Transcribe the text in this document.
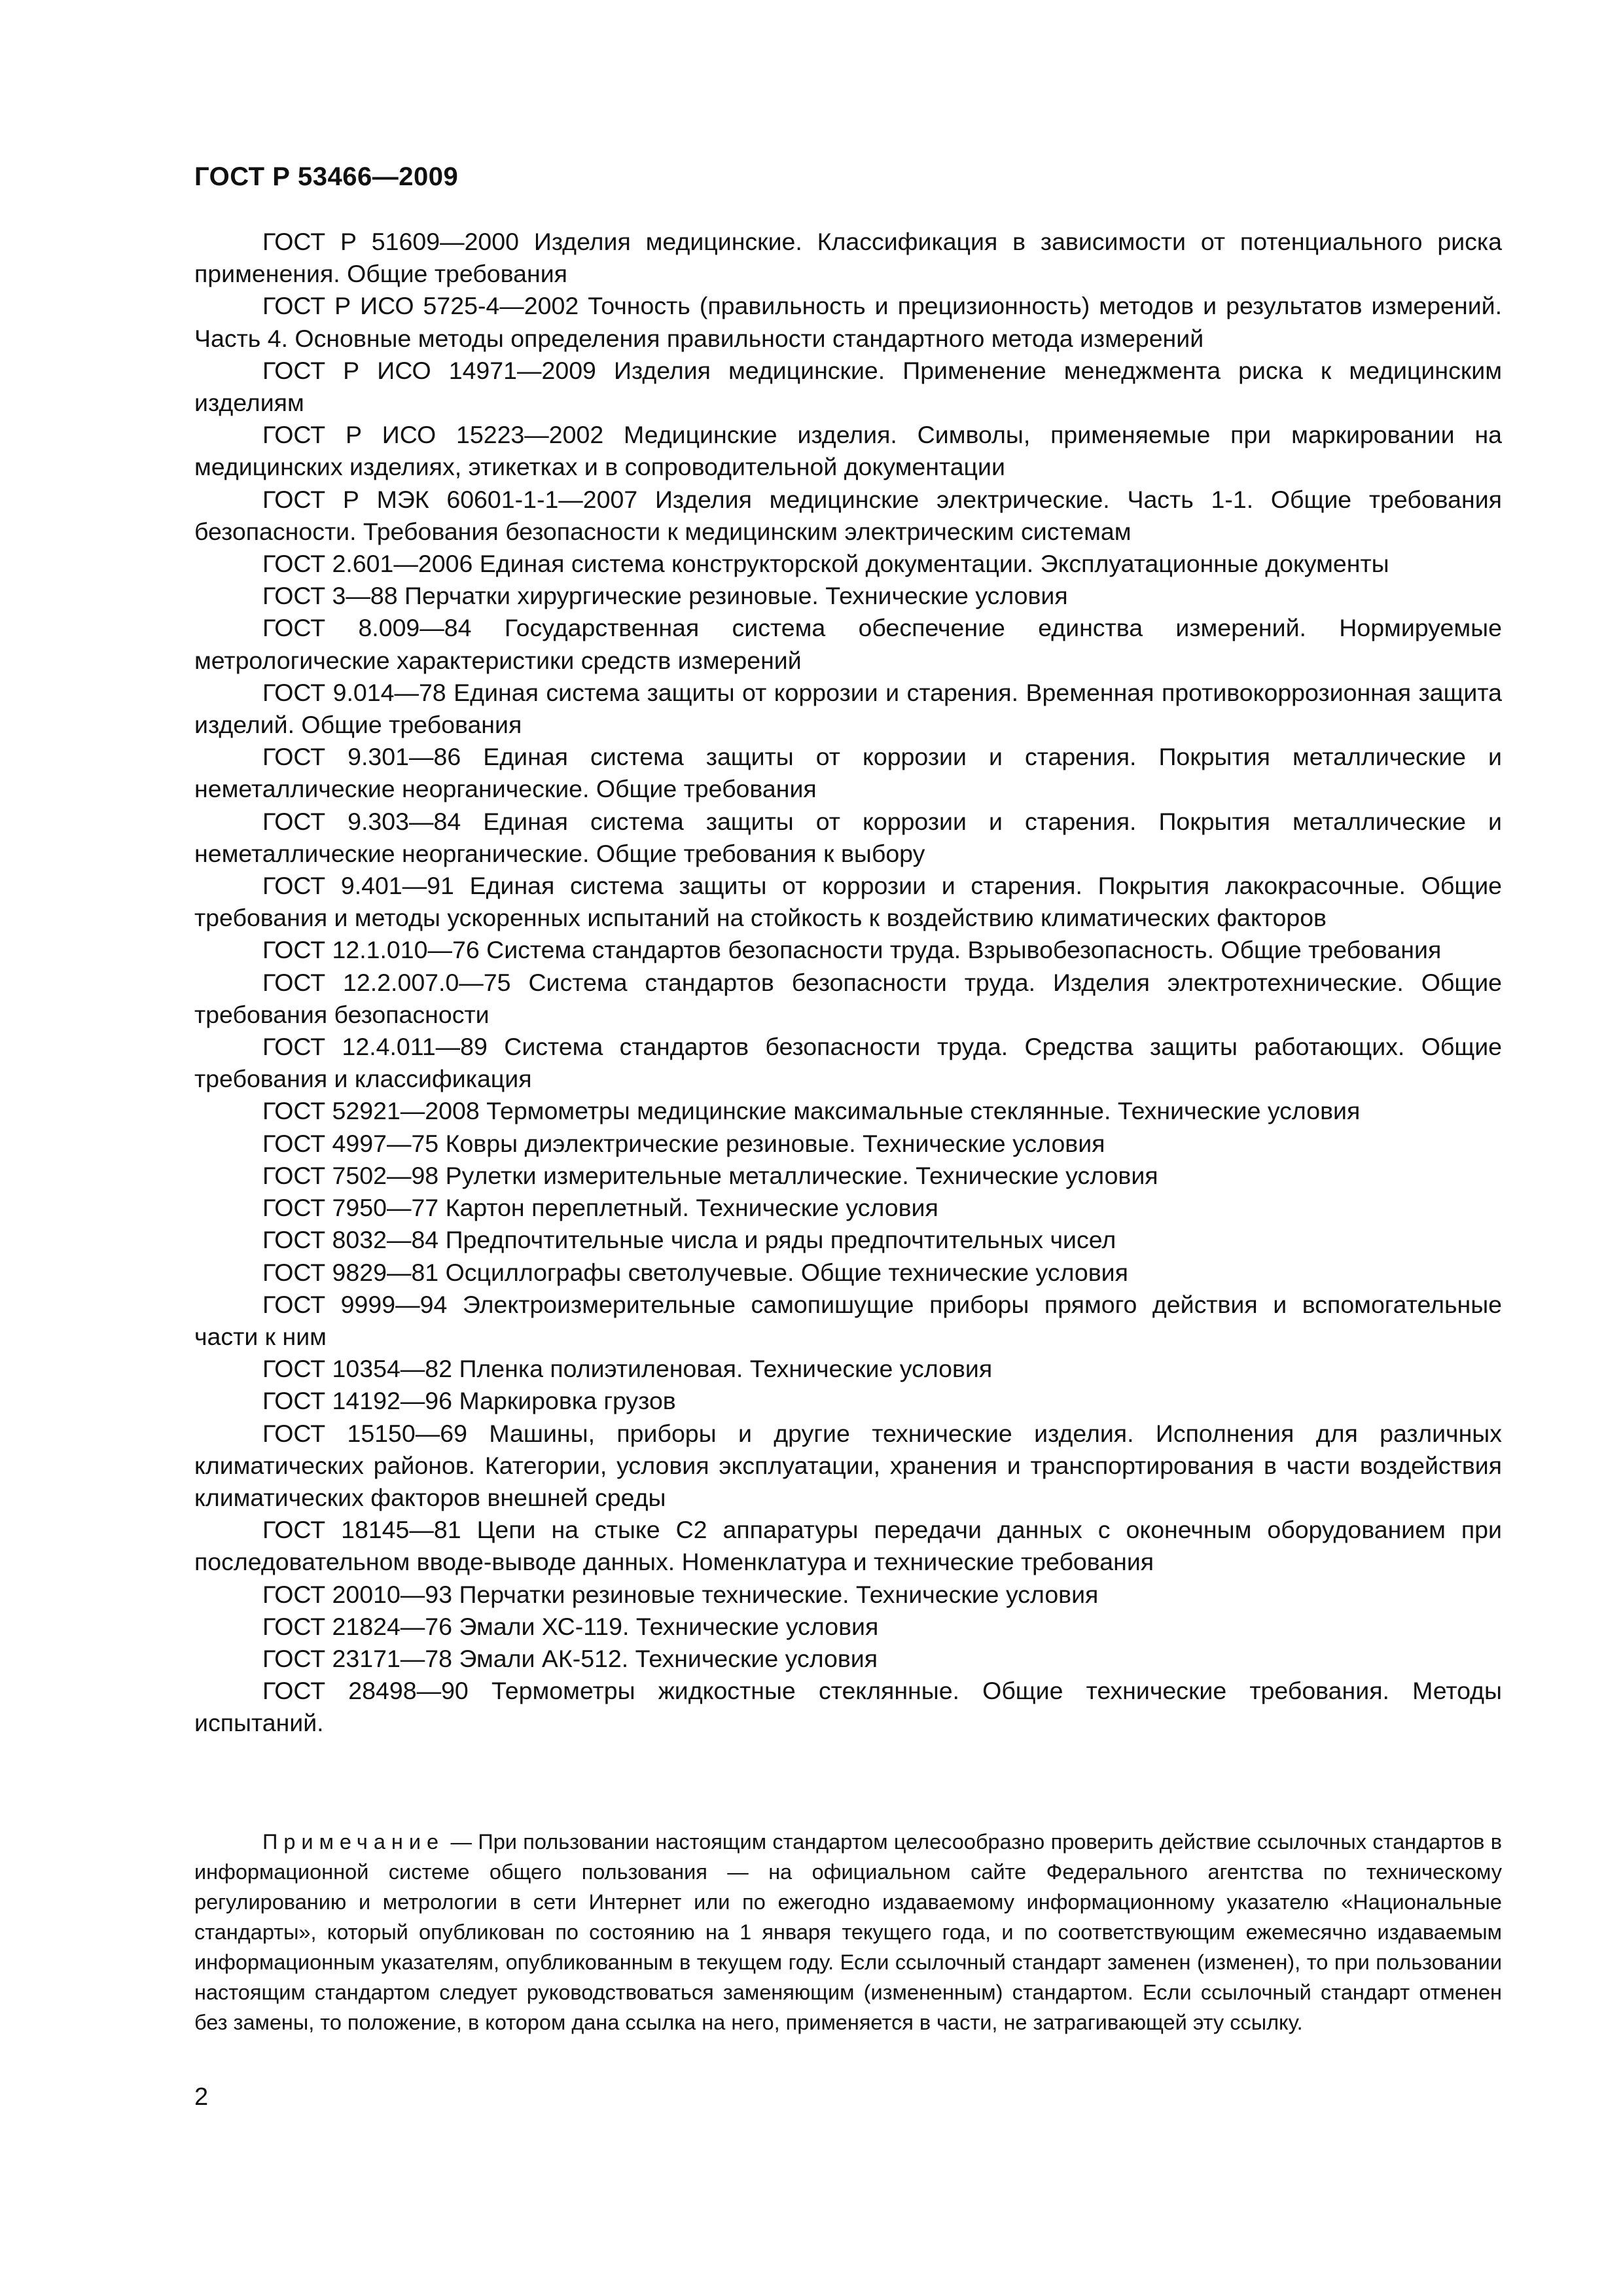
ГОСТ Р 53466—2009

ГОСТ Р 51609—2000 Изделия медицинские. Классификация в зависимости от потенциального риска применения. Общие требования

ГОСТ Р ИСО 5725-4—2002 Точность (правильность и прецизионность) методов и результатов измерений. Часть 4. Основные методы определения правильности стандартного метода измерений

ГОСТ Р ИСО 14971—2009 Изделия медицинские. Применение менеджмента риска к медицинским изделиям

ГОСТ Р ИСО 15223—2002 Медицинские изделия. Символы, применяемые при маркировании на медицинских изделиях, этикетках и в сопроводительной документации

ГОСТ Р МЭК 60601-1-1—2007 Изделия медицинские электрические. Часть 1-1. Общие требования безопасности. Требования безопасности к медицинским электрическим системам

ГОСТ 2.601—2006 Единая система конструкторской документации. Эксплуатационные документы

ГОСТ 3—88 Перчатки хирургические резиновые. Технические условия

ГОСТ 8.009—84 Государственная система обеспечение единства измерений. Нормируемые метрологические характеристики средств измерений

ГОСТ 9.014—78 Единая система защиты от коррозии и старения. Временная противокоррозионная защита изделий. Общие требования

ГОСТ 9.301—86 Единая система защиты от коррозии и старения. Покрытия металлические и неметаллические неорганические. Общие требования

ГОСТ 9.303—84 Единая система защиты от коррозии и старения. Покрытия металлические и неметаллические неорганические. Общие требования к выбору

ГОСТ 9.401—91 Единая система защиты от коррозии и старения. Покрытия лакокрасочные. Общие требования и методы ускоренных испытаний на стойкость к воздействию климатических факторов

ГОСТ 12.1.010—76 Система стандартов безопасности труда. Взрывобезопасность. Общие требования

ГОСТ 12.2.007.0—75 Система стандартов безопасности труда. Изделия электротехнические. Общие требования безопасности

ГОСТ 12.4.011—89 Система стандартов безопасности труда. Средства защиты работающих. Общие требования и классификация

ГОСТ 52921—2008 Термометры медицинские максимальные стеклянные. Технические условия

ГОСТ 4997—75 Ковры диэлектрические резиновые. Технические условия

ГОСТ 7502—98 Рулетки измерительные металлические. Технические условия

ГОСТ 7950—77 Картон переплетный. Технические условия

ГОСТ 8032—84 Предпочтительные числа и ряды предпочтительных чисел

ГОСТ 9829—81 Осциллографы светолучевые. Общие технические условия

ГОСТ 9999—94 Электроизмерительные самопишущие приборы прямого действия и вспомогательные части к ним

ГОСТ 10354—82 Пленка полиэтиленовая. Технические условия

ГОСТ 14192—96 Маркировка грузов

ГОСТ 15150—69 Машины, приборы и другие технические изделия. Исполнения для различных климатических районов. Категории, условия эксплуатации, хранения и транспортирования в части воздействия климатических факторов внешней среды

ГОСТ 18145—81 Цепи на стыке С2 аппаратуры передачи данных с оконечным оборудованием при последовательном вводе-выводе данных. Номенклатура и технические требования

ГОСТ 20010—93 Перчатки резиновые технические. Технические условия

ГОСТ 21824—76 Эмали ХС-119. Технические условия

ГОСТ 23171—78 Эмали АК-512. Технические условия

ГОСТ 28498—90 Термометры жидкостные стеклянные. Общие технические требования. Методы испытаний.

Примечание — При пользовании настоящим стандартом целесообразно проверить действие ссылочных стандартов в информационной системе общего пользования — на официальном сайте Федерального агентства по техническому регулированию и метрологии в сети Интернет или по ежегодно издаваемому информационному указателю «Национальные стандарты», который опубликован по состоянию на 1 января текущего года, и по соответствующим ежемесячно издаваемым информационным указателям, опубликованным в текущем году. Если ссылочный стандарт заменен (изменен), то при пользовании настоящим стандартом следует руководствоваться заменяющим (измененным) стандартом. Если ссылочный стандарт отменен без замены, то положение, в котором дана ссылка на него, применяется в части, не затрагивающей эту ссылку.

2
